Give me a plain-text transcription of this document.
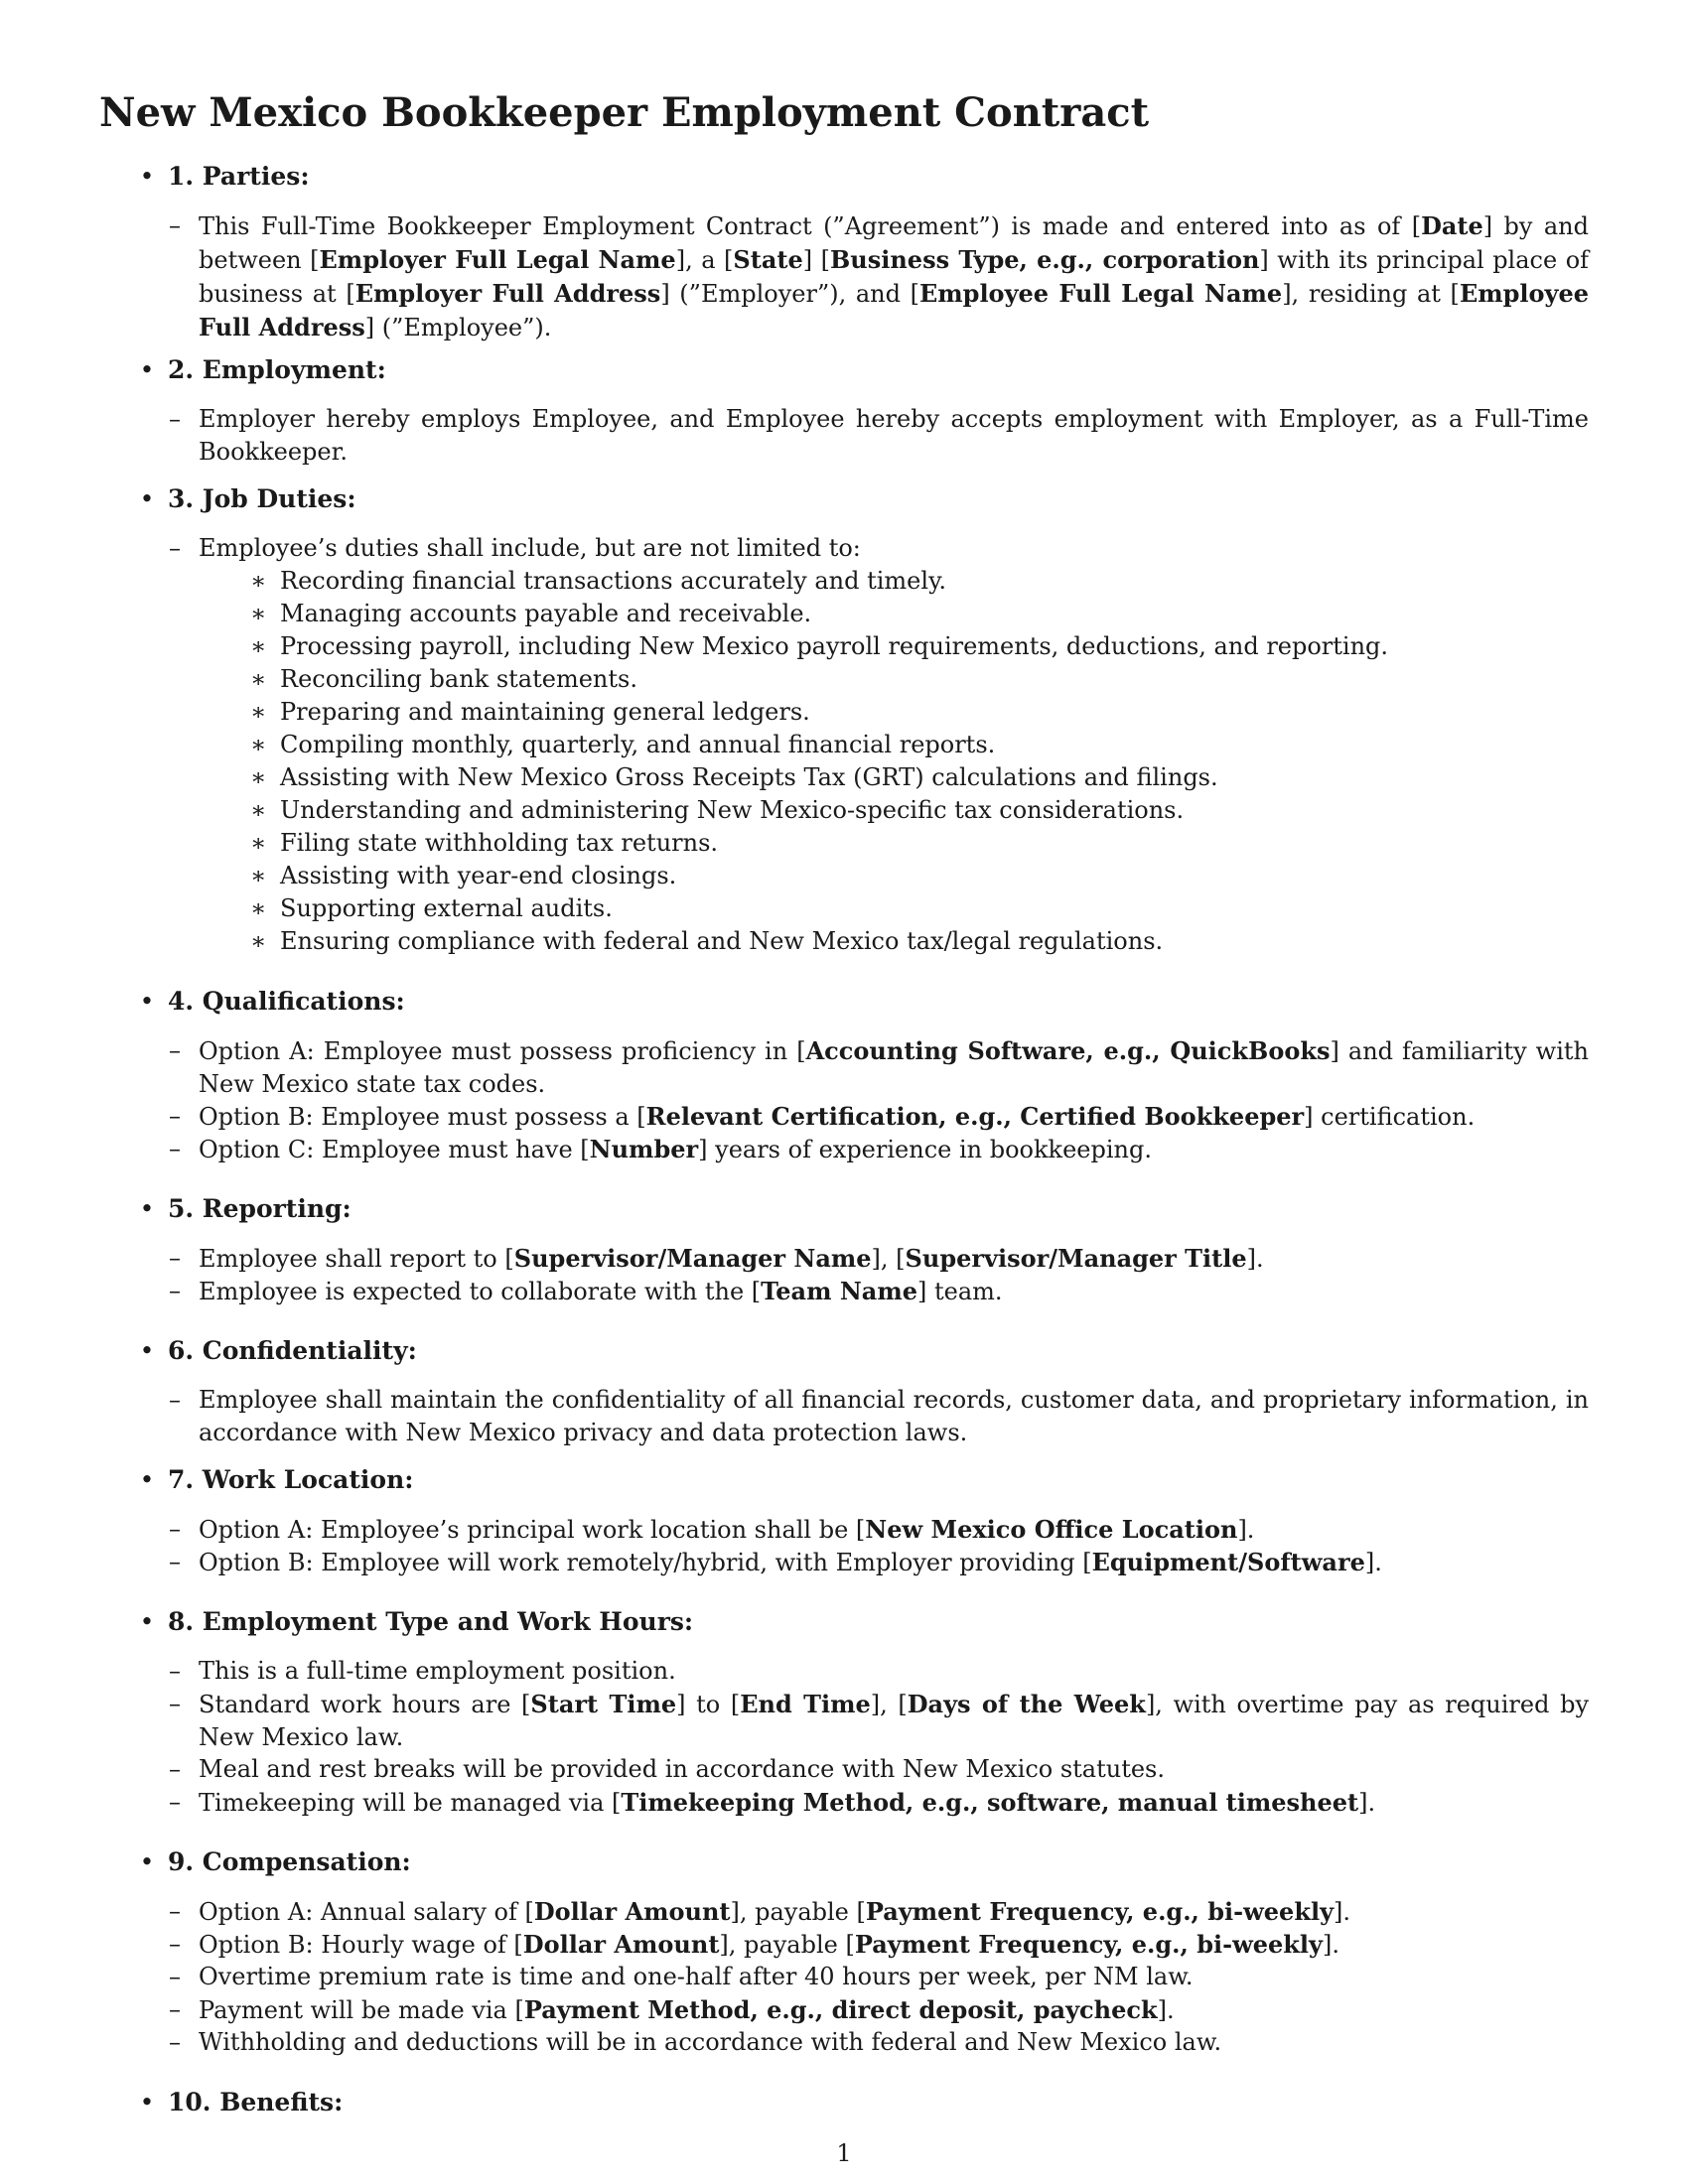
New Mexico Bookkeeper Employment Contract
• 1. Parties:
– This Full-Time Bookkeeper Employment Contract (”Agreement”) is made and entered into as of [Date] by and between [Employer Full Legal Name], a [State] [Business Type, e.g., corporation] with its principal place of business at [Employer Full Address] (”Employer”), and [Employee Full Legal Name], residing at [Employee Full Address] (”Employee”).
• 2. Employment:
– Employer hereby employs Employee, and Employee hereby accepts employment with Employer, as a Full-Time Bookkeeper.
• 3. Job Duties:
– Employee’s duties shall include, but are not limited to:
∗ Recording financial transactions accurately and timely.
∗ Managing accounts payable and receivable.
∗ Processing payroll, including New Mexico payroll requirements, deductions, and reporting.
∗ Reconciling bank statements.
∗ Preparing and maintaining general ledgers.
∗ Compiling monthly, quarterly, and annual financial reports.
∗ Assisting with New Mexico Gross Receipts Tax (GRT) calculations and filings.
∗ Understanding and administering New Mexico-specific tax considerations.
∗ Filing state withholding tax returns.
∗ Assisting with year-end closings.
∗ Supporting external audits.
∗ Ensuring compliance with federal and New Mexico tax/legal regulations.
• 4. Qualifications:
– Option A: Employee must possess proficiency in [Accounting Software, e.g., QuickBooks] and familiarity with New Mexico state tax codes.
– Option B: Employee must possess a [Relevant Certification, e.g., Certified Bookkeeper] certification.
– Option C: Employee must have [Number] years of experience in bookkeeping.
• 5. Reporting:
– Employee shall report to [Supervisor/Manager Name], [Supervisor/Manager Title].
– Employee is expected to collaborate with the [Team Name] team.
• 6. Confidentiality:
– Employee shall maintain the confidentiality of all financial records, customer data, and proprietary information, in accordance with New Mexico privacy and data protection laws.
• 7. Work Location:
– Option A: Employee’s principal work location shall be [New Mexico Office Location].
– Option B: Employee will work remotely/hybrid, with Employer providing [Equipment/Software].
• 8. Employment Type and Work Hours:
– This is a full-time employment position.
– Standard work hours are [Start Time] to [End Time], [Days of the Week], with overtime pay as required by New Mexico law.
– Meal and rest breaks will be provided in accordance with New Mexico statutes.
– Timekeeping will be managed via [Timekeeping Method, e.g., software, manual timesheet].
• 9. Compensation:
– Option A: Annual salary of [Dollar Amount], payable [Payment Frequency, e.g., bi-weekly].
– Option B: Hourly wage of [Dollar Amount], payable [Payment Frequency, e.g., bi-weekly].
– Overtime premium rate is time and one-half after 40 hours per week, per NM law.
– Payment will be made via [Payment Method, e.g., direct deposit, paycheck].
– Withholding and deductions will be in accordance with federal and New Mexico law.
• 10. Benefits:
1
